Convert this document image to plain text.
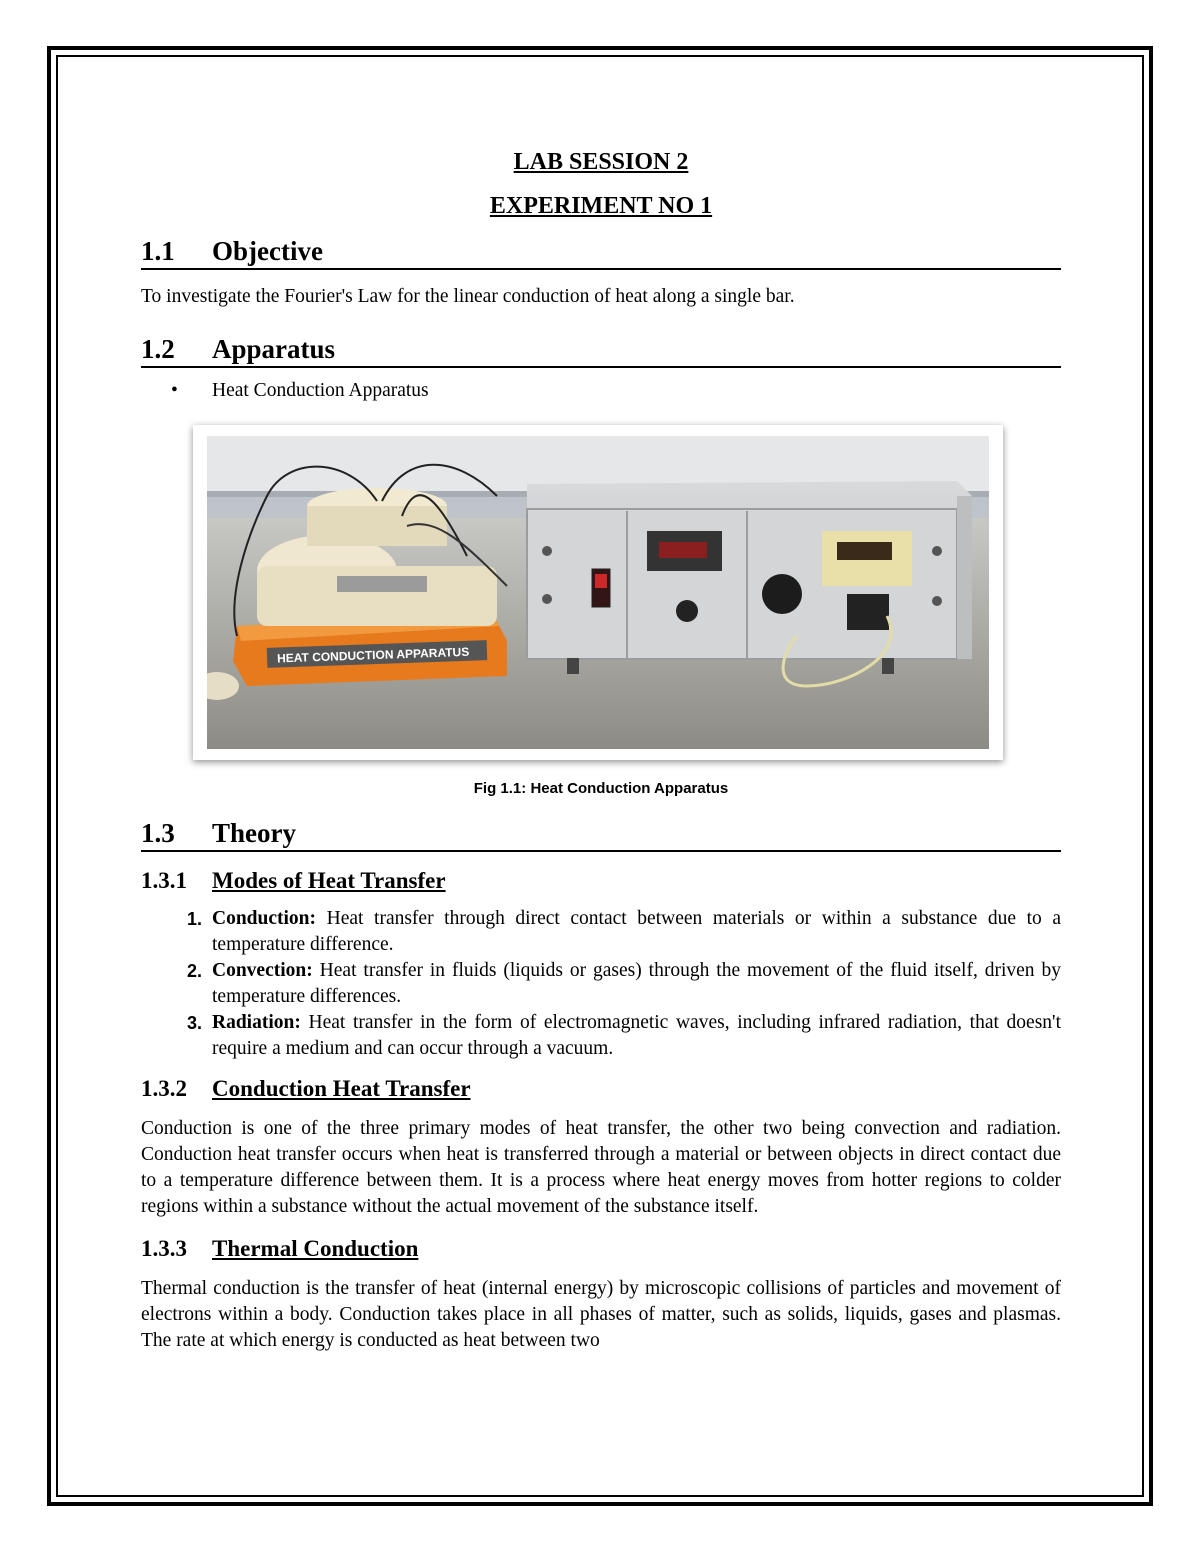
LAB SESSION 2
EXPERIMENT NO 1
1.1	Objective

To investigate the Fourier's Law for the linear conduction of heat along a single bar.

1.2	Apparatus
•	Heat Conduction Apparatus
HEAT CONDUCTION APPARATUS
Fig 1.1: Heat Conduction Apparatus
1.3	Theory
1.3.1	Modes of Heat Transfer
1. Conduction: Heat transfer through direct contact between materials or within a substance due to a temperature difference.
2. Convection: Heat transfer in fluids (liquids or gases) through the movement of the fluid itself, driven by temperature differences.
3. Radiation: Heat transfer in the form of electromagnetic waves, including infrared radiation, that doesn't require a medium and can occur through a vacuum.
1.3.2	Conduction Heat Transfer

Conduction is one of the three primary modes of heat transfer, the other two being convection and radiation. Conduction heat transfer occurs when heat is transferred through a material or between objects in direct contact due to a temperature difference between them. It is a process where heat energy moves from hotter regions to colder regions within a substance without the actual movement of the substance itself.

1.3.3	Thermal Conduction

Thermal conduction is the transfer of heat (internal energy) by microscopic collisions of particles and movement of electrons within a body. Conduction takes place in all phases of matter, such as solids, liquids, gases and plasmas. The rate at which energy is conducted as heat between two
